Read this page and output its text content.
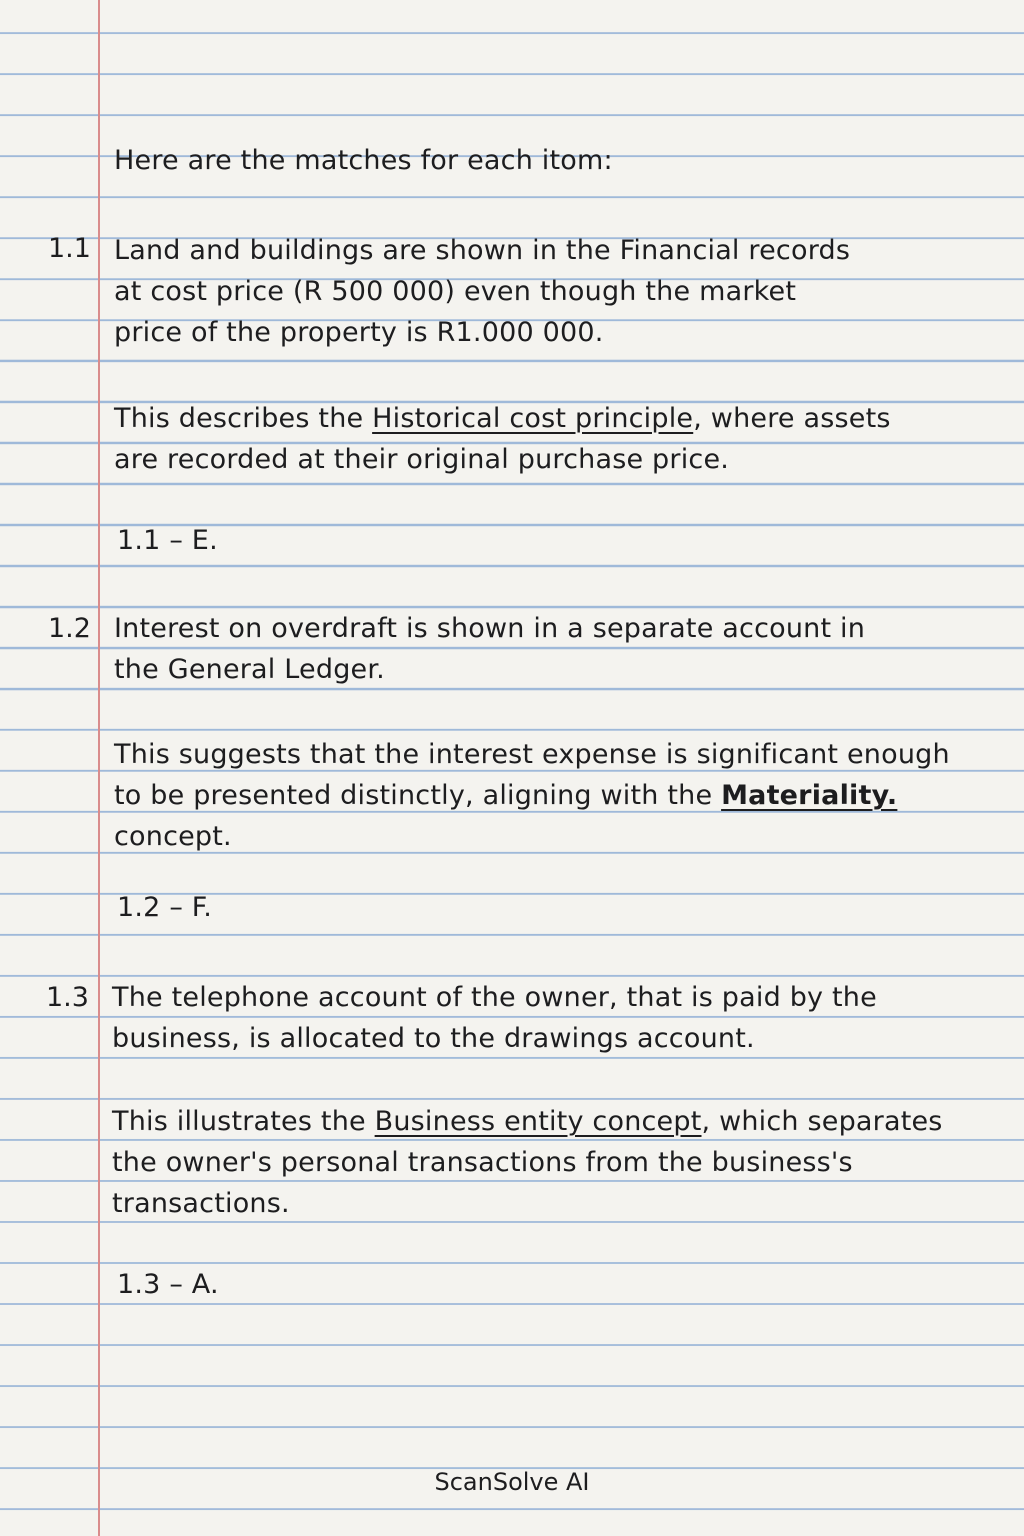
Here are the matches for each itom:
1.1 Land and buildings are shown in the Financial records
at cost price (R 500 000) even though the market
price of the property is R1.000 000.
This describes the Historical cost principle, where assets
are recorded at their original purchase price.
1.1 – E.
1.2 Interest on overdraft is shown in a separate account in
the General Ledger.
This suggests that the interest expense is significant enough
to be presented distinctly, aligning with the Materiality.
concept.
1.2 – F.
1.3 The telephone account of the owner, that is paid by the
business, is allocated to the drawings account.
This illustrates the Business entity concept, which separates
the owner's personal transactions from the business's
transactions.
1.3 – A.
ScanSolve AI
